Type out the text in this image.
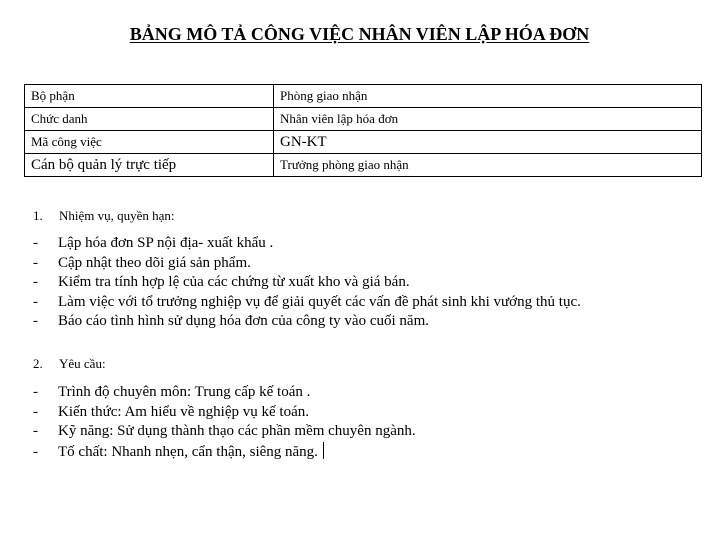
BẢNG MÔ TẢ CÔNG VIỆC NHÂN VIÊN LẬP HÓA ĐƠN
Bộ phận	Phòng giao nhận
Chức danh	Nhân viên lập hóa đơn
Mã công việc	GN-KT
Cán bộ quản lý trực tiếp	Trưởng phòng giao nhận
1. Nhiệm vụ, quyền hạn:
- Lập hóa đơn SP nội địa- xuất khẩu .
- Cập nhật theo dõi giá sản phẩm.
- Kiểm tra tính hợp lệ của các chứng từ xuất kho và giá bán.
- Làm việc với tổ trưởng nghiệp vụ để giải quyết các vấn đề phát sinh khi vướng thủ tục.
- Báo cáo tình hình sử dụng hóa đơn của công ty vào cuối năm.
2. Yêu cầu:
- Trình độ chuyên môn: Trung cấp kế toán .
- Kiến thức: Am hiểu về nghiệp vụ kế toán.
- Kỹ năng: Sử dụng thành thạo các phần mềm chuyên ngành.
- Tố chất: Nhanh nhẹn, cẩn thận, siêng năng.
